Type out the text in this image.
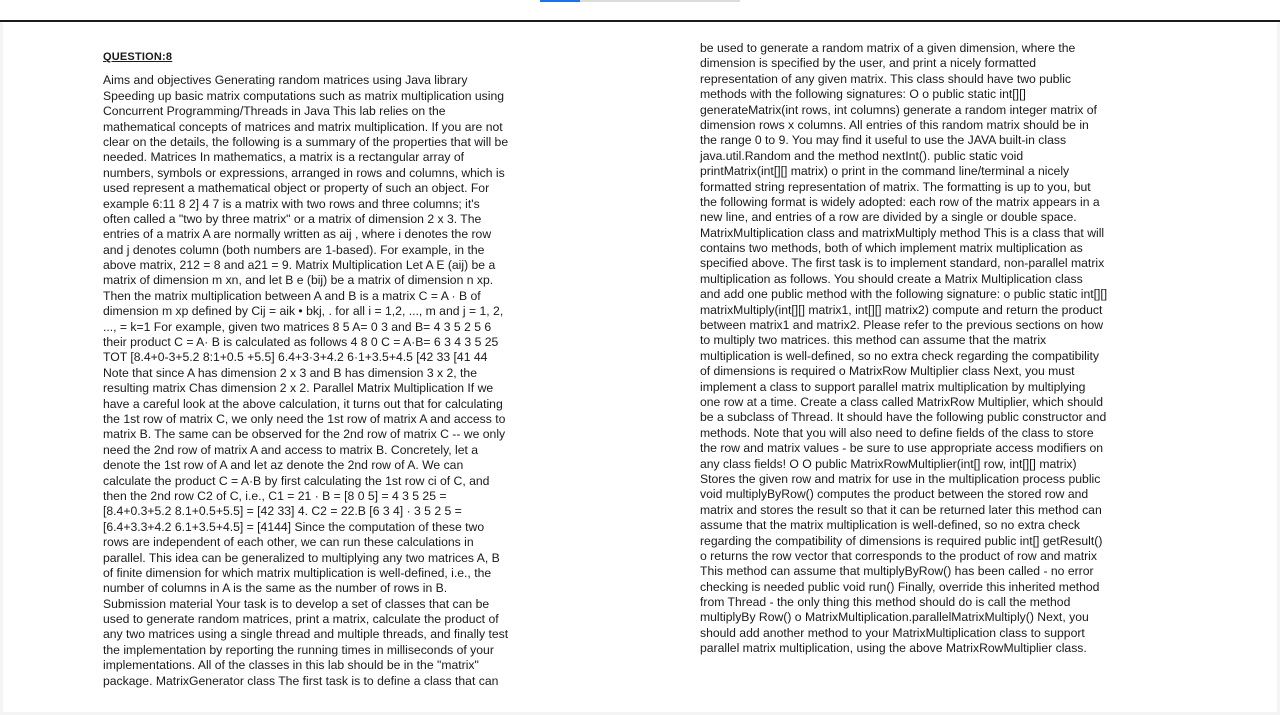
QUESTION:8
Aims and objectives Generating random matrices using Java library
Speeding up basic matrix computations such as matrix multiplication using
Concurrent Programming/Threads in Java This lab relies on the
mathematical concepts of matrices and matrix multiplication. If you are not
clear on the details, the following is a summary of the properties that will be
needed. Matrices In mathematics, a matrix is a rectangular array of
numbers, symbols or expressions, arranged in rows and columns, which is
used represent a mathematical object or property of such an object. For
example 6:11 8 2] 4 7 is a matrix with two rows and three columns; it's
often called a "two by three matrix" or a matrix of dimension 2 x 3. The
entries of a matrix A are normally written as aij , where i denotes the row
and j denotes column (both numbers are 1-based). For example, in the
above matrix, 212 = 8 and a21 = 9. Matrix Multiplication Let A E (aij) be a
matrix of dimension m xn, and let B e (bij) be a matrix of dimension n xp.
Then the matrix multiplication between A and B is a matrix C = A · B of
dimension m xp defined by Cij = aik • bkj, . for all i = 1,2, ..., m and j = 1, 2,
..., = k=1 For example, given two matrices 8 5 A= 0 3 and B= 4 3 5 2 5 6
their product C = A· B is calculated as follows 4 8 0 C = A·B= 6 3 4 3 5 25
TOT [8.4+0-3+5.2 8:1+0.5 +5.5] 6.4+3·3+4.2 6·1+3.5+4.5 [42 33 [41 44
Note that since A has dimension 2 x 3 and B has dimension 3 x 2, the
resulting matrix Chas dimension 2 x 2. Parallel Matrix Multiplication If we
have a careful look at the above calculation, it turns out that for calculating
the 1st row of matrix C, we only need the 1st row of matrix A and access to
matrix B. The same can be observed for the 2nd row of matrix C -- we only
need the 2nd row of matrix A and access to matrix B. Concretely, let a
denote the 1st row of A and let az denote the 2nd row of A. We can
calculate the product C = A·B by first calculating the 1st row ci of C, and
then the 2nd row C2 of C, i.e., C1 = 21 · B = [8 0 5] = 4 3 5 25 =
[8.4+0.3+5.2 8.1+0.5+5.5] = [42 33] 4. C2 = 22.B [6 3 4] · 3 5 2 5 =
[6.4+3.3+4.2 6.1+3.5+4.5] = [4144] Since the computation of these two
rows are independent of each other, we can run these calculations in
parallel. This idea can be generalized to multiplying any two matrices A, B
of finite dimension for which matrix multiplication is well-defined, i.e., the
number of columns in A is the same as the number of rows in B.
Submission material Your task is to develop a set of classes that can be
used to generate random matrices, print a matrix, calculate the product of
any two matrices using a single thread and multiple threads, and finally test
the implementation by reporting the running times in milliseconds of your
implementations. All of the classes in this lab should be in the "matrix"
package. MatrixGenerator class The first task is to define a class that can
be used to generate a random matrix of a given dimension, where the
dimension is specified by the user, and print a nicely formatted
representation of any given matrix. This class should have two public
methods with the following signatures: O o public static int[][]
generateMatrix(int rows, int columns) generate a random integer matrix of
dimension rows x columns. All entries of this random matrix should be in
the range 0 to 9. You may find it useful to use the JAVA built-in class
java.util.Random and the method nextInt(). public static void
printMatrix(int[][] matrix) o print in the command line/terminal a nicely
formatted string representation of matrix. The formatting is up to you, but
the following format is widely adopted: each row of the matrix appears in a
new line, and entries of a row are divided by a single or double space.
MatrixMultiplication class and matrixMultiply method This is a class that will
contains two methods, both of which implement matrix multiplication as
specified above. The first task is to implement standard, non-parallel matrix
multiplication as follows. You should create a Matrix Multiplication class
and add one public method with the following signature: o public static int[][]
matrixMultiply(int[][] matrix1, int[][] matrix2) compute and return the product
between matrix1 and matrix2. Please refer to the previous sections on how
to multiply two matrices. this method can assume that the matrix
multiplication is well-defined, so no extra check regarding the compatibility
of dimensions is required o MatrixRow Multiplier class Next, you must
implement a class to support parallel matrix multiplication by multiplying
one row at a time. Create a class called MatrixRow Multiplier, which should
be a subclass of Thread. It should have the following public constructor and
methods. Note that you will also need to define fields of the class to store
the row and matrix values - be sure to use appropriate access modifiers on
any class fields! O O public MatrixRowMultiplier(int[] row, int[][] matrix)
Stores the given row and matrix for use in the multiplication process public
void multiplyByRow() computes the product between the stored row and
matrix and stores the result so that it can be returned later this method can
assume that the matrix multiplication is well-defined, so no extra check
regarding the compatibility of dimensions is required public int[] getResult()
o returns the row vector that corresponds to the product of row and matrix
This method can assume that multiplyByRow() has been called - no error
checking is needed public void run() Finally, override this inherited method
from Thread - the only thing this method should do is call the method
multiplyBy Row() o MatrixMultiplication.parallelMatrixMultiply() Next, you
should add another method to your MatrixMultiplication class to support
parallel matrix multiplication, using the above MatrixRowMultiplier class.
